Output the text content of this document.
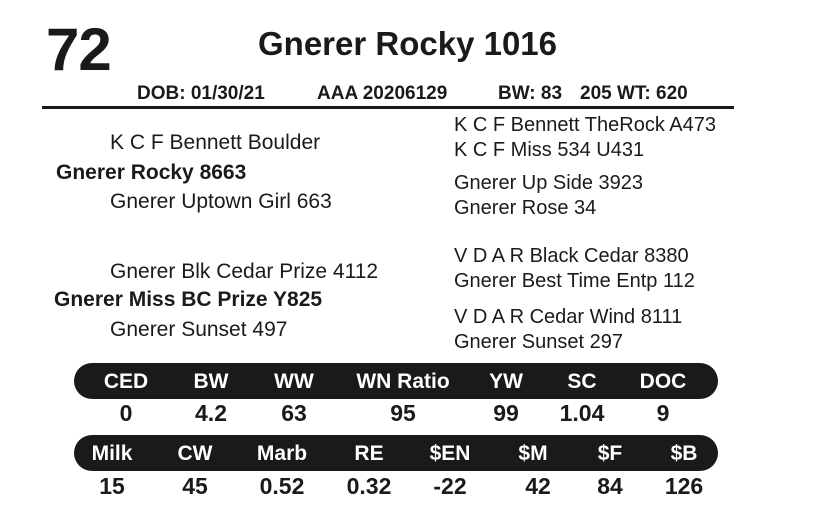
72	Gnerer Rocky 1016
DOB: 01/30/21	AAA 20206129	BW: 83 205 WT: 620
K C F Bennett Boulder
Gnerer Rocky 8663
Gnerer Uptown Girl 663
K C F Bennett TheRock A473
K C F Miss 534 U431
Gnerer Up Side 3923
Gnerer Rose 34
Gnerer Blk Cedar Prize 4112
Gnerer Miss BC Prize Y825
Gnerer Sunset 497
V D A R Black Cedar 8380
Gnerer Best Time Entp 112
V D A R Cedar Wind 8111
Gnerer Sunset 297
CED BW WW WN Ratio YW SC DOC
0	4.2 63	95	99 1.04 9
Milk CW Marb RE $EN $M $F $B
15 45 0.52 0.32 -22	42 84 126
